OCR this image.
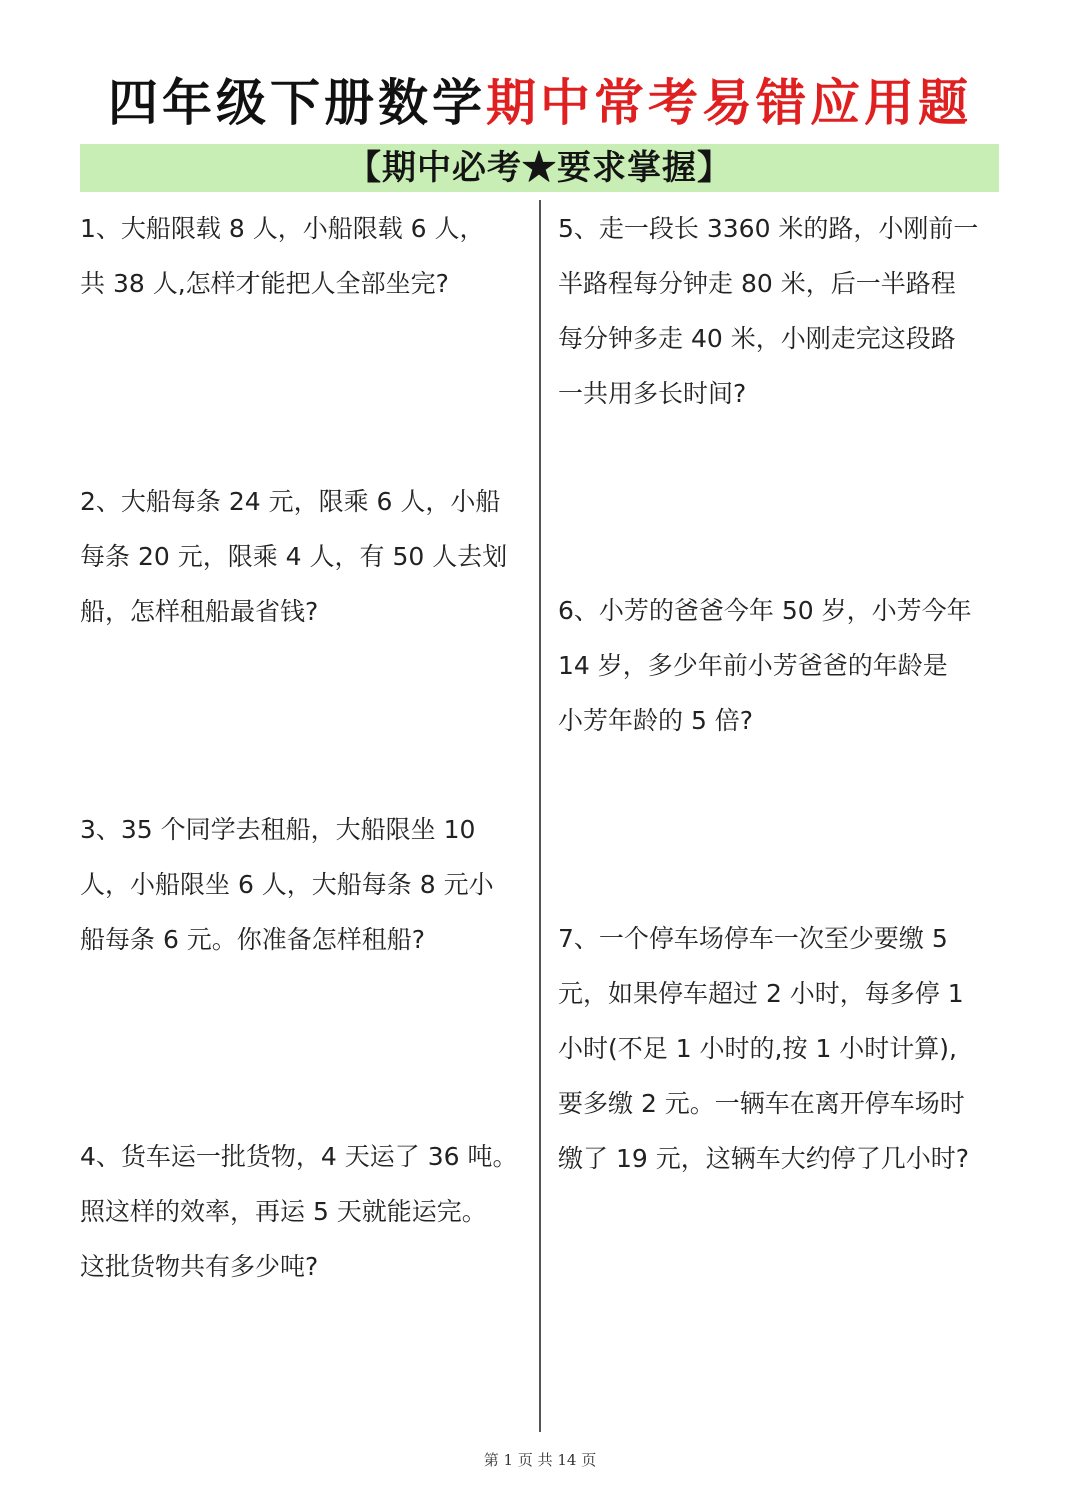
四年级下册数学期中常考易错应用题
【期中必考★要求掌握】
1、大船限载 8 人，小船限载 6 人，
共 38 人,怎样才能把人全部坐完?
2、大船每条 24 元，限乘 6 人，小船
每条 20 元，限乘 4 人，有 50 人去划
船，怎样租船最省钱?
3、35 个同学去租船，大船限坐 10
人，小船限坐 6 人，大船每条 8 元小
船每条 6 元。你准备怎样租船?
4、货车运一批货物，4 天运了 36 吨。
照这样的效率，再运 5 天就能运完。
这批货物共有多少吨?
5、走一段长 3360 米的路，小刚前一
半路程每分钟走 80 米，后一半路程
每分钟多走 40 米，小刚走完这段路
一共用多长时间?
6、小芳的爸爸今年 50 岁，小芳今年
14 岁，多少年前小芳爸爸的年龄是
小芳年龄的 5 倍?
7、一个停车场停车一次至少要缴 5
元，如果停车超过 2 小时，每多停 1
小时(不足 1 小时的,按 1 小时计算),
要多缴 2 元。一辆车在离开停车场时
缴了 19 元，这辆车大约停了几小时?
第 1 页 共 14 页
